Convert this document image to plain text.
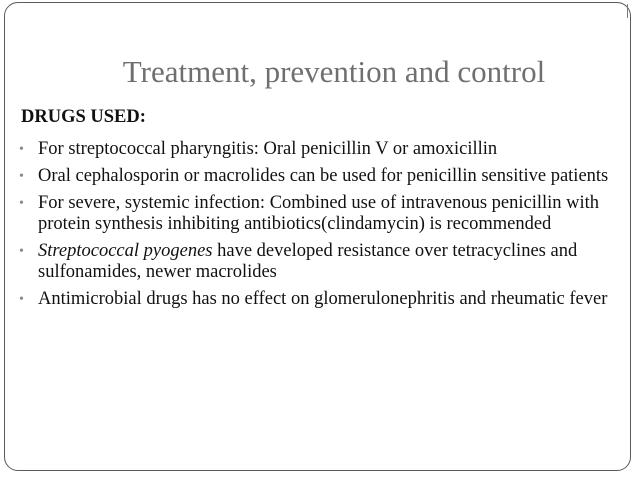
Treatment, prevention and control
DRUGS USED:
• For streptococcal pharyngitis: Oral penicillin V or amoxicillin
• Oral cephalosporin or macrolides can be used for penicillin sensitive patients
• For severe, systemic infection: Combined use of intravenous penicillin with protein synthesis inhibiting antibiotics(clindamycin) is recommended
• Streptococcal pyogenes have developed resistance over tetracyclines and sulfonamides, newer macrolides
• Antimicrobial drugs has no effect on glomerulonephritis and rheumatic fever
